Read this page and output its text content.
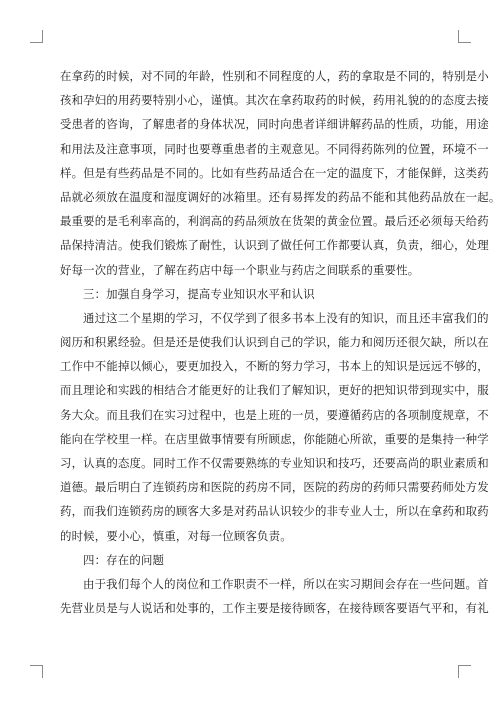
在拿药的时候，对不同的年龄，性别和不同程度的人，药的拿取是不同的，特别是小
孩和孕妇的用药要特别小心，谨慎。其次在拿药取药的时候，药用礼貌的的态度去接
受患者的咨询，了解患者的身体状况，同时向患者详细讲解药品的性质，功能，用途
和用法及注意事项，同时也要尊重患者的主观意见。不同得药陈列的位置，环境不一
样。但是有些药品是不同的。比如有些药品适合在一定的温度下，才能保鲜，这类药
品就必须放在温度和湿度调好的冰箱里。还有易挥发的药品不能和其他药品放在一起。
最重要的是毛利率高的，利润高的药品须放在货架的黄金位置。最后还必须每天给药
品保持清洁。使我们锻炼了耐性，认识到了做任何工作都要认真，负责，细心，处理
好每一次的营业，了解在药店中每一个职业与药店之间联系的重要性。
三：加强自身学习，提高专业知识水平和认识
通过这二个星期的学习，不仅学到了很多书本上没有的知识，而且还丰富我们的
阅历和积累经验。但是还是使我们认识到自己的学识，能力和阅历还很欠缺，所以在
工作中不能掉以倾心，要更加投入，不断的努力学习，书本上的知识是远远不够的，
而且理论和实践的相结合才能更好的让我们了解知识，更好的把知识带到现实中，服
务大众。而且我们在实习过程中，也是上班的一员，要遵循药店的各项制度规章，不
能向在学校里一样。在店里做事情要有所顾虑，你能随心所欲，重要的是集持一种学
习，认真的态度。同时工作不仅需要熟练的专业知识和技巧，还要高尚的职业素质和
道德。最后明白了连锁药房和医院的药房不同，医院的药房的药师只需要药师处方发
药，而我们连锁药房的顾客大多是对药品认识较少的非专业人士，所以在拿药和取药
的时候，要小心，慎重，对每一位顾客负责。
四：存在的问题
由于我们每个人的岗位和工作职责不一样，所以在实习期间会存在一些问题。首
先营业员是与人说话和处事的，工作主要是接待顾客，在接待顾客要语气平和，有礼
